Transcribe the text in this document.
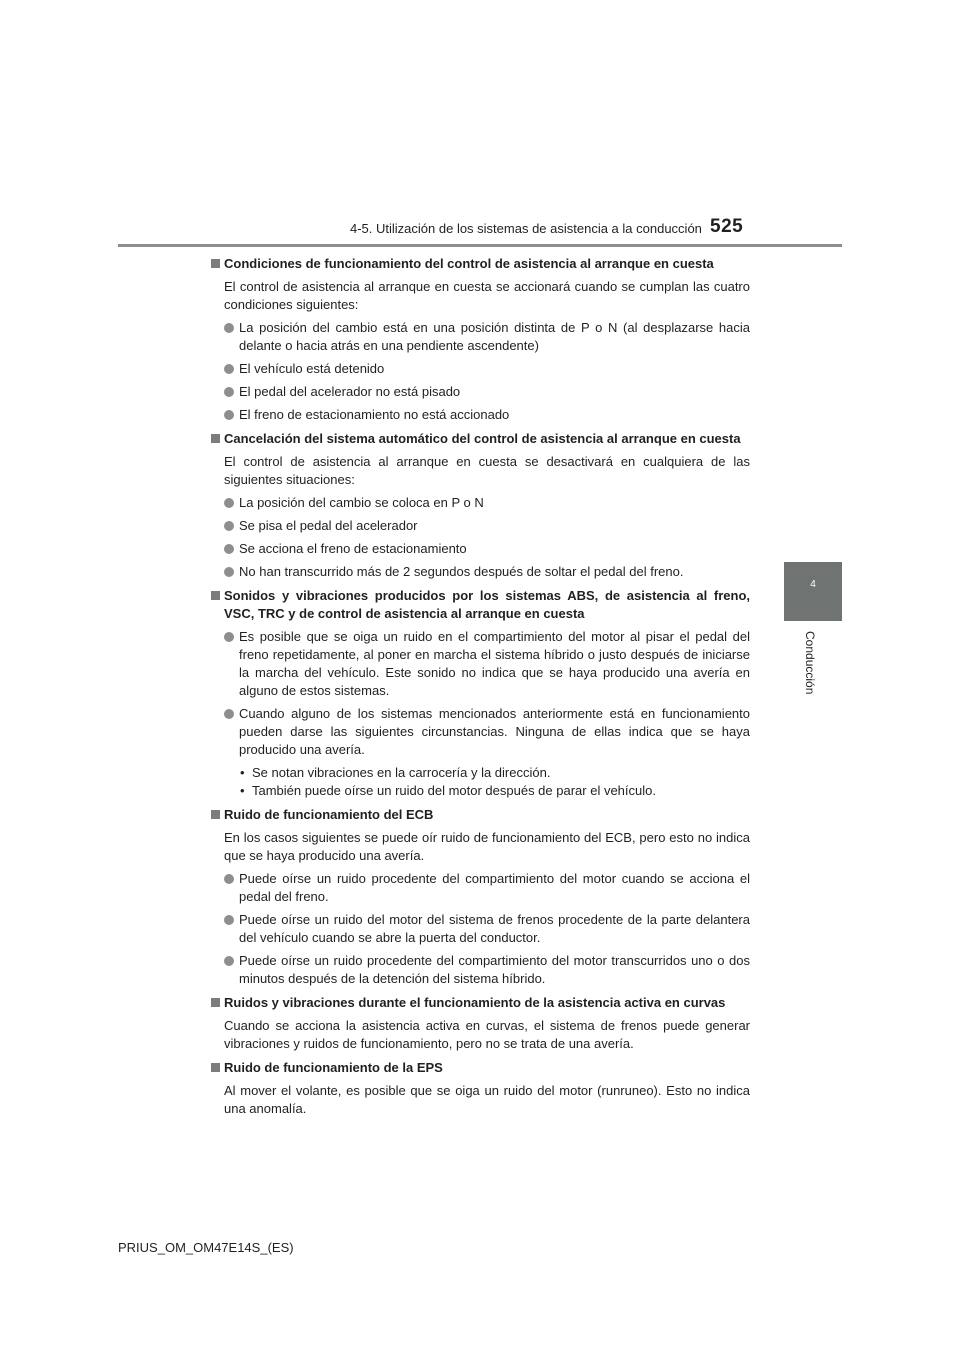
4-5. Utilización de los sistemas de asistencia a la conducción 525
4
Conducción
Condiciones de funcionamiento del control de asistencia al arranque en cuesta
El control de asistencia al arranque en cuesta se accionará cuando se cumplan las cuatro condiciones siguientes:
La posición del cambio está en una posición distinta de P o N (al desplazarse hacia delante o hacia atrás en una pendiente ascendente)
El vehículo está detenido
El pedal del acelerador no está pisado
El freno de estacionamiento no está accionado
Cancelación del sistema automático del control de asistencia al arranque en cuesta
El control de asistencia al arranque en cuesta se desactivará en cualquiera de las siguientes situaciones:
La posición del cambio se coloca en P o N
Se pisa el pedal del acelerador
Se acciona el freno de estacionamiento
No han transcurrido más de 2 segundos después de soltar el pedal del freno.
Sonidos y vibraciones producidos por los sistemas ABS, de asistencia al freno, VSC, TRC y de control de asistencia al arranque en cuesta
Es posible que se oiga un ruido en el compartimiento del motor al pisar el pedal del freno repetidamente, al poner en marcha el sistema híbrido o justo después de iniciarse la marcha del vehículo. Este sonido no indica que se haya producido una avería en alguno de estos sistemas.
Cuando alguno de los sistemas mencionados anteriormente está en funcionamiento pueden darse las siguientes circunstancias. Ninguna de ellas indica que se haya producido una avería.
• Se notan vibraciones en la carrocería y la dirección.
• También puede oírse un ruido del motor después de parar el vehículo.
Ruido de funcionamiento del ECB
En los casos siguientes se puede oír ruido de funcionamiento del ECB, pero esto no indica que se haya producido una avería.
Puede oírse un ruido procedente del compartimiento del motor cuando se acciona el pedal del freno.
Puede oírse un ruido del motor del sistema de frenos procedente de la parte delantera del vehículo cuando se abre la puerta del conductor.
Puede oírse un ruido procedente del compartimiento del motor transcurridos uno o dos minutos después de la detención del sistema híbrido.
Ruidos y vibraciones durante el funcionamiento de la asistencia activa en curvas
Cuando se acciona la asistencia activa en curvas, el sistema de frenos puede generar vibraciones y ruidos de funcionamiento, pero no se trata de una avería.
Ruido de funcionamiento de la EPS
Al mover el volante, es posible que se oiga un ruido del motor (runruneo). Esto no indica una anomalía.
PRIUS_OM_OM47E14S_(ES)
